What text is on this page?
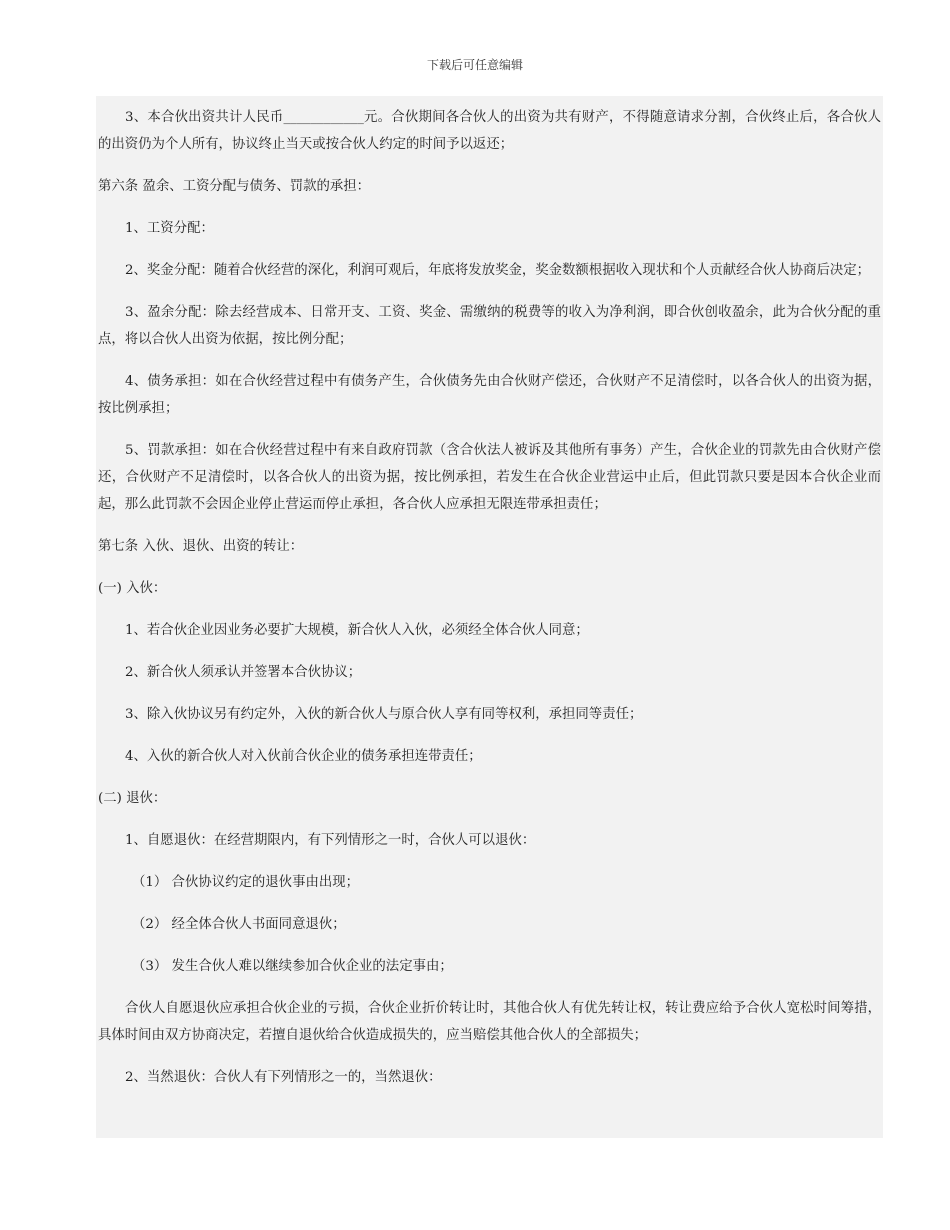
下载后可任意编辑

3、本合伙出资共计人民币____________元。合伙期间各合伙人的出资为共有财产，不得随意请求分割，合伙终止后，各合伙人的出资仍为个人所有，协议终止当天或按合伙人约定的时间予以返还；

第六条 盈余、工资分配与债务、罚款的承担：

1、工资分配：

2、奖金分配：随着合伙经营的深化，利润可观后，年底将发放奖金，奖金数额根据收入现状和个人贡献经合伙人协商后决定；

3、盈余分配：除去经营成本、日常开支、工资、奖金、需缴纳的税费等的收入为净利润，即合伙创收盈余，此为合伙分配的重点，将以合伙人出资为依据，按比例分配；

4、债务承担：如在合伙经营过程中有债务产生，合伙债务先由合伙财产偿还，合伙财产不足清偿时，以各合伙人的出资为据，按比例承担；

5、罚款承担：如在合伙经营过程中有来自政府罚款（含合伙法人被诉及其他所有事务）产生，合伙企业的罚款先由合伙财产偿还，合伙财产不足清偿时，以各合伙人的出资为据，按比例承担，若发生在合伙企业营运中止后，但此罚款只要是因本合伙企业而起，那么此罚款不会因企业停止营运而停止承担，各合伙人应承担无限连带承担责任；

第七条 入伙、退伙、出资的转让：

(一) 入伙：

1、若合伙企业因业务必要扩大规模，新合伙人入伙，必须经全体合伙人同意；

2、新合伙人须承认并签署本合伙协议；

3、除入伙协议另有约定外，入伙的新合伙人与原合伙人享有同等权利，承担同等责任；

4、入伙的新合伙人对入伙前合伙企业的债务承担连带责任；

(二) 退伙：

1、自愿退伙：在经营期限内，有下列情形之一时，合伙人可以退伙：

（1） 合伙协议约定的退伙事由出现；

（2） 经全体合伙人书面同意退伙；

（3） 发生合伙人难以继续参加合伙企业的法定事由；

合伙人自愿退伙应承担合伙企业的亏损，合伙企业折价转让时，其他合伙人有优先转让权，转让费应给予合伙人宽松时间筹措，具体时间由双方协商决定，若擅自退伙给合伙造成损失的，应当赔偿其他合伙人的全部损失；

2、当然退伙：合伙人有下列情形之一的，当然退伙：
